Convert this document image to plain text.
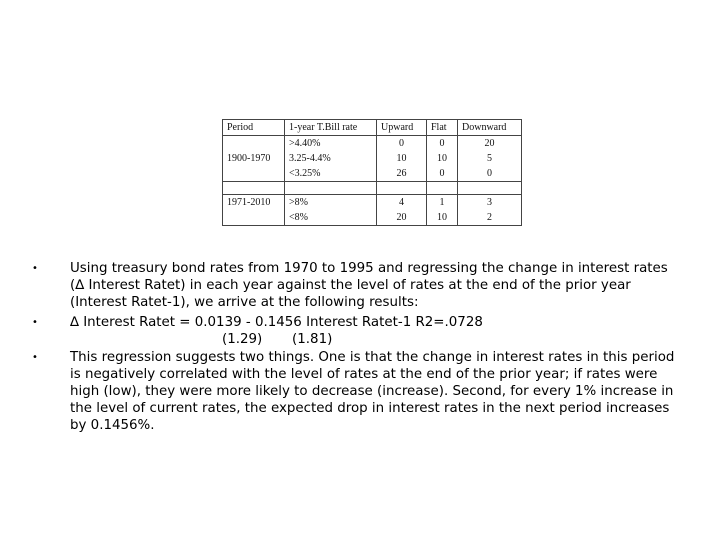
Period	1-year T.Bill rate	Upward	Flat	Downward
	>4.40%	0	0	20
1900-1970	3.25-4.4%	10	10	5
	<3.25%	26	0	0

1971-2010	>8%	4	1	3
	<8%	20	10	2
• Using treasury bond rates from 1970 to 1995 and regressing the change in interest rates (∆ Interest Ratet) in each year against the level of rates at the end of the prior year (Interest Ratet-1), we arrive at the following results:
• ∆ Interest Ratet = 0.0139 - 0.1456 Interest Ratet-1 R2=.0728
(1.29)       (1.81)
• This regression suggests two things. One is that the change in interest rates in this period is negatively correlated with the level of rates at the end of the prior year; if rates were high (low), they were more likely to decrease (increase). Second, for every 1% increase in the level of current rates, the expected drop in interest rates in the next period increases by 0.1456%.
